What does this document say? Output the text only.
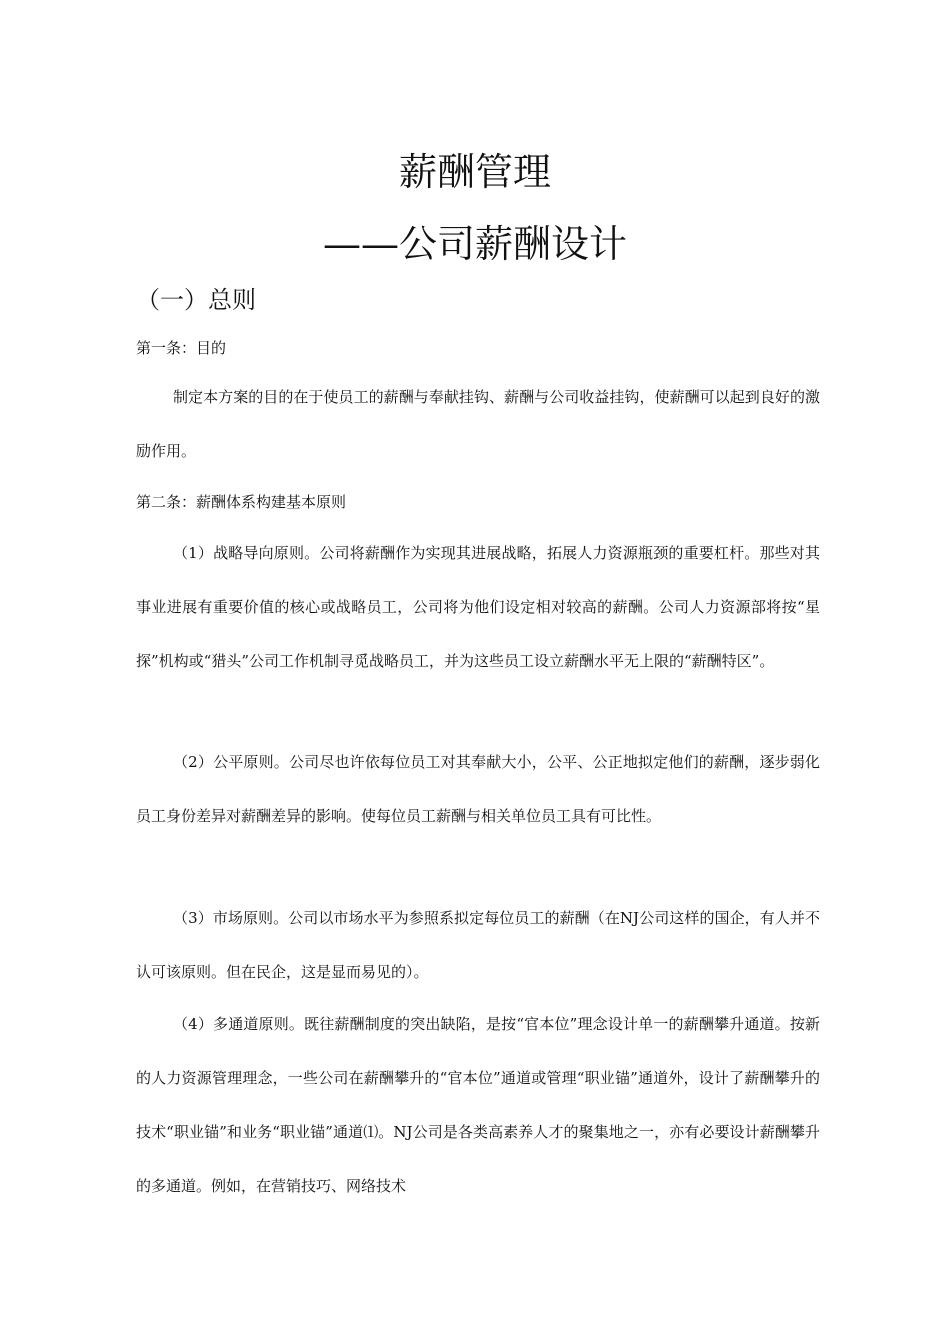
薪酬管理
——公司薪酬设计
（一）总则

第一条：目的

制定本方案的目的在于使员工的薪酬与奉献挂钩、薪酬与公司收益挂钩，使薪酬可以起到良好的激励作用。

第二条：薪酬体系构建基本原则

（1）战略导向原则。公司将薪酬作为实现其进展战略，拓展人力资源瓶颈的重要杠杆。那些对其事业进展有重要价值的核心或战略员工，公司将为他们设定相对较高的薪酬。公司人力资源部将按“星探”机构或“猎头”公司工作机制寻觅战略员工，并为这些员工设立薪酬水平无上限的“薪酬特区”。

（2）公平原则。公司尽也许依每位员工对其奉献大小，公平、公正地拟定他们的薪酬，逐步弱化员工身份差异对薪酬差异的影响。使每位员工薪酬与相关单位员工具有可比性。

（3）市场原则。公司以市场水平为参照系拟定每位员工的薪酬（在NJ公司这样的国企，有人并不认可该原则。但在民企，这是显而易见的）。

（4）多通道原则。既往薪酬制度的突出缺陷，是按“官本位”理念设计单一的薪酬攀升通道。按新的人力资源管理理念，一些公司在薪酬攀升的“官本位”通道或管理“职业锚”通道外，设计了薪酬攀升的技术“职业锚”和业务“职业锚”通道⑴。NJ公司是各类高素养人才的聚集地之一，亦有必要设计薪酬攀升的多通道。例如，在营销技巧、网络技术
